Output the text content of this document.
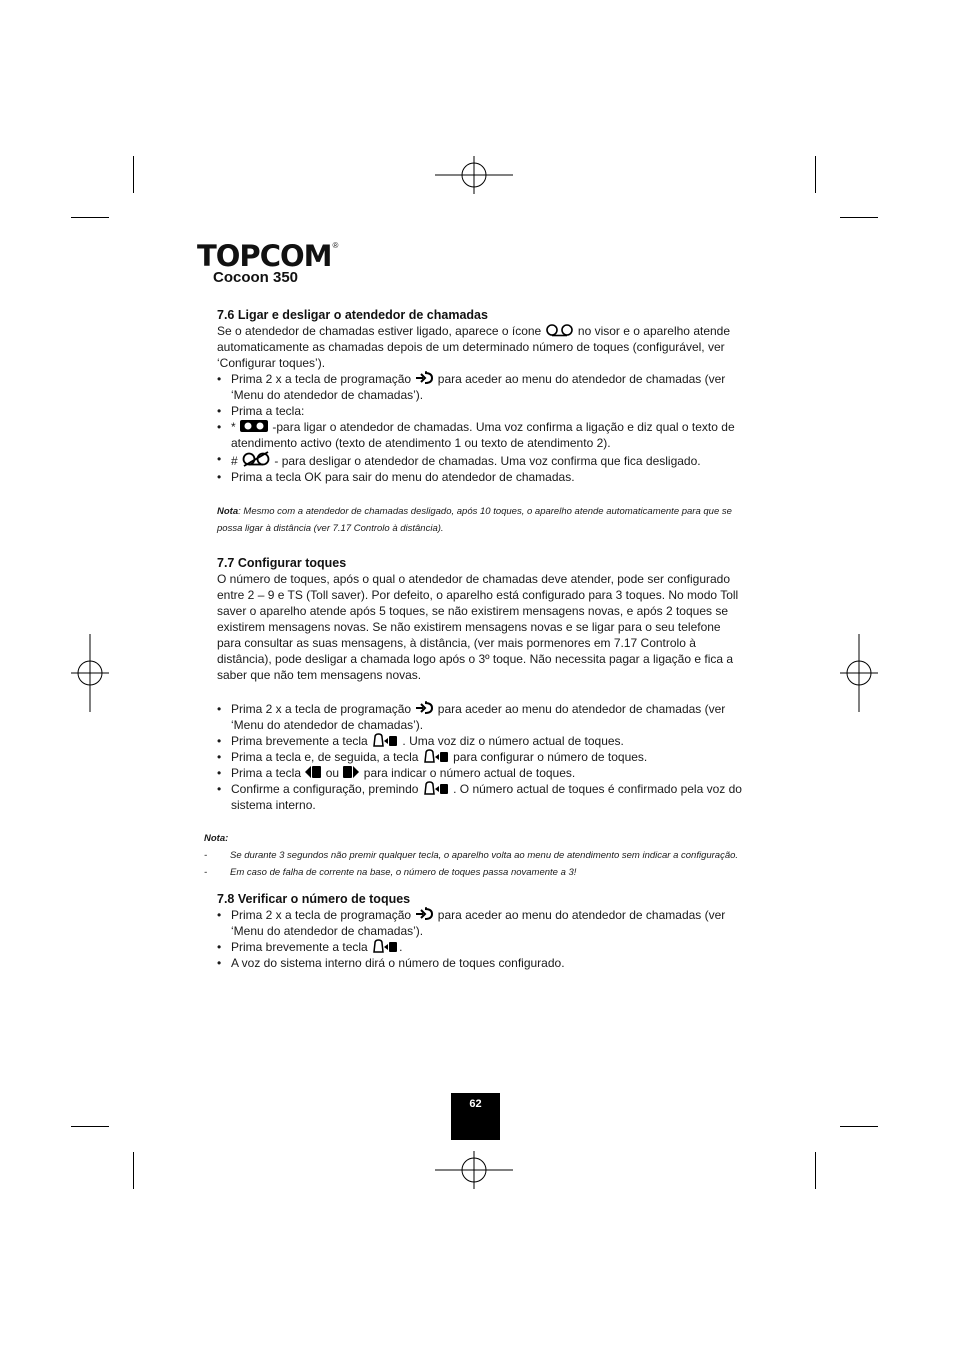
TOPCOM®
Cocoon 350
7.6 Ligar e desligar o atendedor de chamadas

Se o atendedor de chamadas estiver ligado, aparece o ícone	no visor e o aparelho atende automaticamente as chamadas depois de um determinado número de toques (configurável, ver ‘Configurar toques’).

• Prima 2 x a tecla de programação para aceder ao menu do atendedor de chamadas (ver ‘Menu do atendedor de chamadas’).
• Prima a tecla:
• *	-para ligar o atendedor de chamadas. Uma voz confirma a ligação e diz qual o texto de atendimento activo (texto de atendimento 1 ou texto de atendimento 2).
• #	- para desligar o atendedor de chamadas. Uma voz confirma que fica desligado.
• Prima a tecla OK para sair do menu do atendedor de chamadas.

Nota: Mesmo com a atendedor de chamadas desligado, após 10 toques, o aparelho atende automaticamente para que se possa ligar à distância (ver 7.17 Controlo à distância).

7.7 Configurar toques

O número de toques, após o qual o atendedor de chamadas deve atender, pode ser configurado entre 2 – 9 e TS (Toll saver). Por defeito, o aparelho está configurado para 3 toques. No modo Toll saver o aparelho atende após 5 toques, se não existirem mensagens novas, e após 2 toques se existirem mensagens novas. Se não existirem mensagens novas e se ligar para o seu telefone para consultar as suas mensagens, à distância, (ver mais pormenores em 7.17 Controlo à distância), pode desligar a chamada logo após o 3º toque. Não necessita pagar a ligação e fica a saber que não tem mensagens novas.

• Prima 2 x a tecla de programação para aceder ao menu do atendedor de chamadas (ver ‘Menu do atendedor de chamadas’).
• Prima brevemente a tecla	. Uma voz diz o número actual de toques.
• Prima a tecla e, de seguida, a tecla	para configurar o número de toques.
• Prima a tecla ou para indicar o número actual de toques.
• Confirme a configuração, premindo	. O número actual de toques é confirmado pela voz do sistema interno.
Nota:
- Se durante 3 segundos não premir qualquer tecla, o aparelho volta ao menu de atendimento sem indicar a configuração.
- Em caso de falha de corrente na base, o número de toques passa novamente a 3!
7.8 Verificar o número de toques
• Prima 2 x a tecla de programação para aceder ao menu do atendedor de chamadas (ver ‘Menu do atendedor de chamadas’).
• Prima brevemente a tecla	.
• A voz do sistema interno dirá o número de toques configurado.
62
